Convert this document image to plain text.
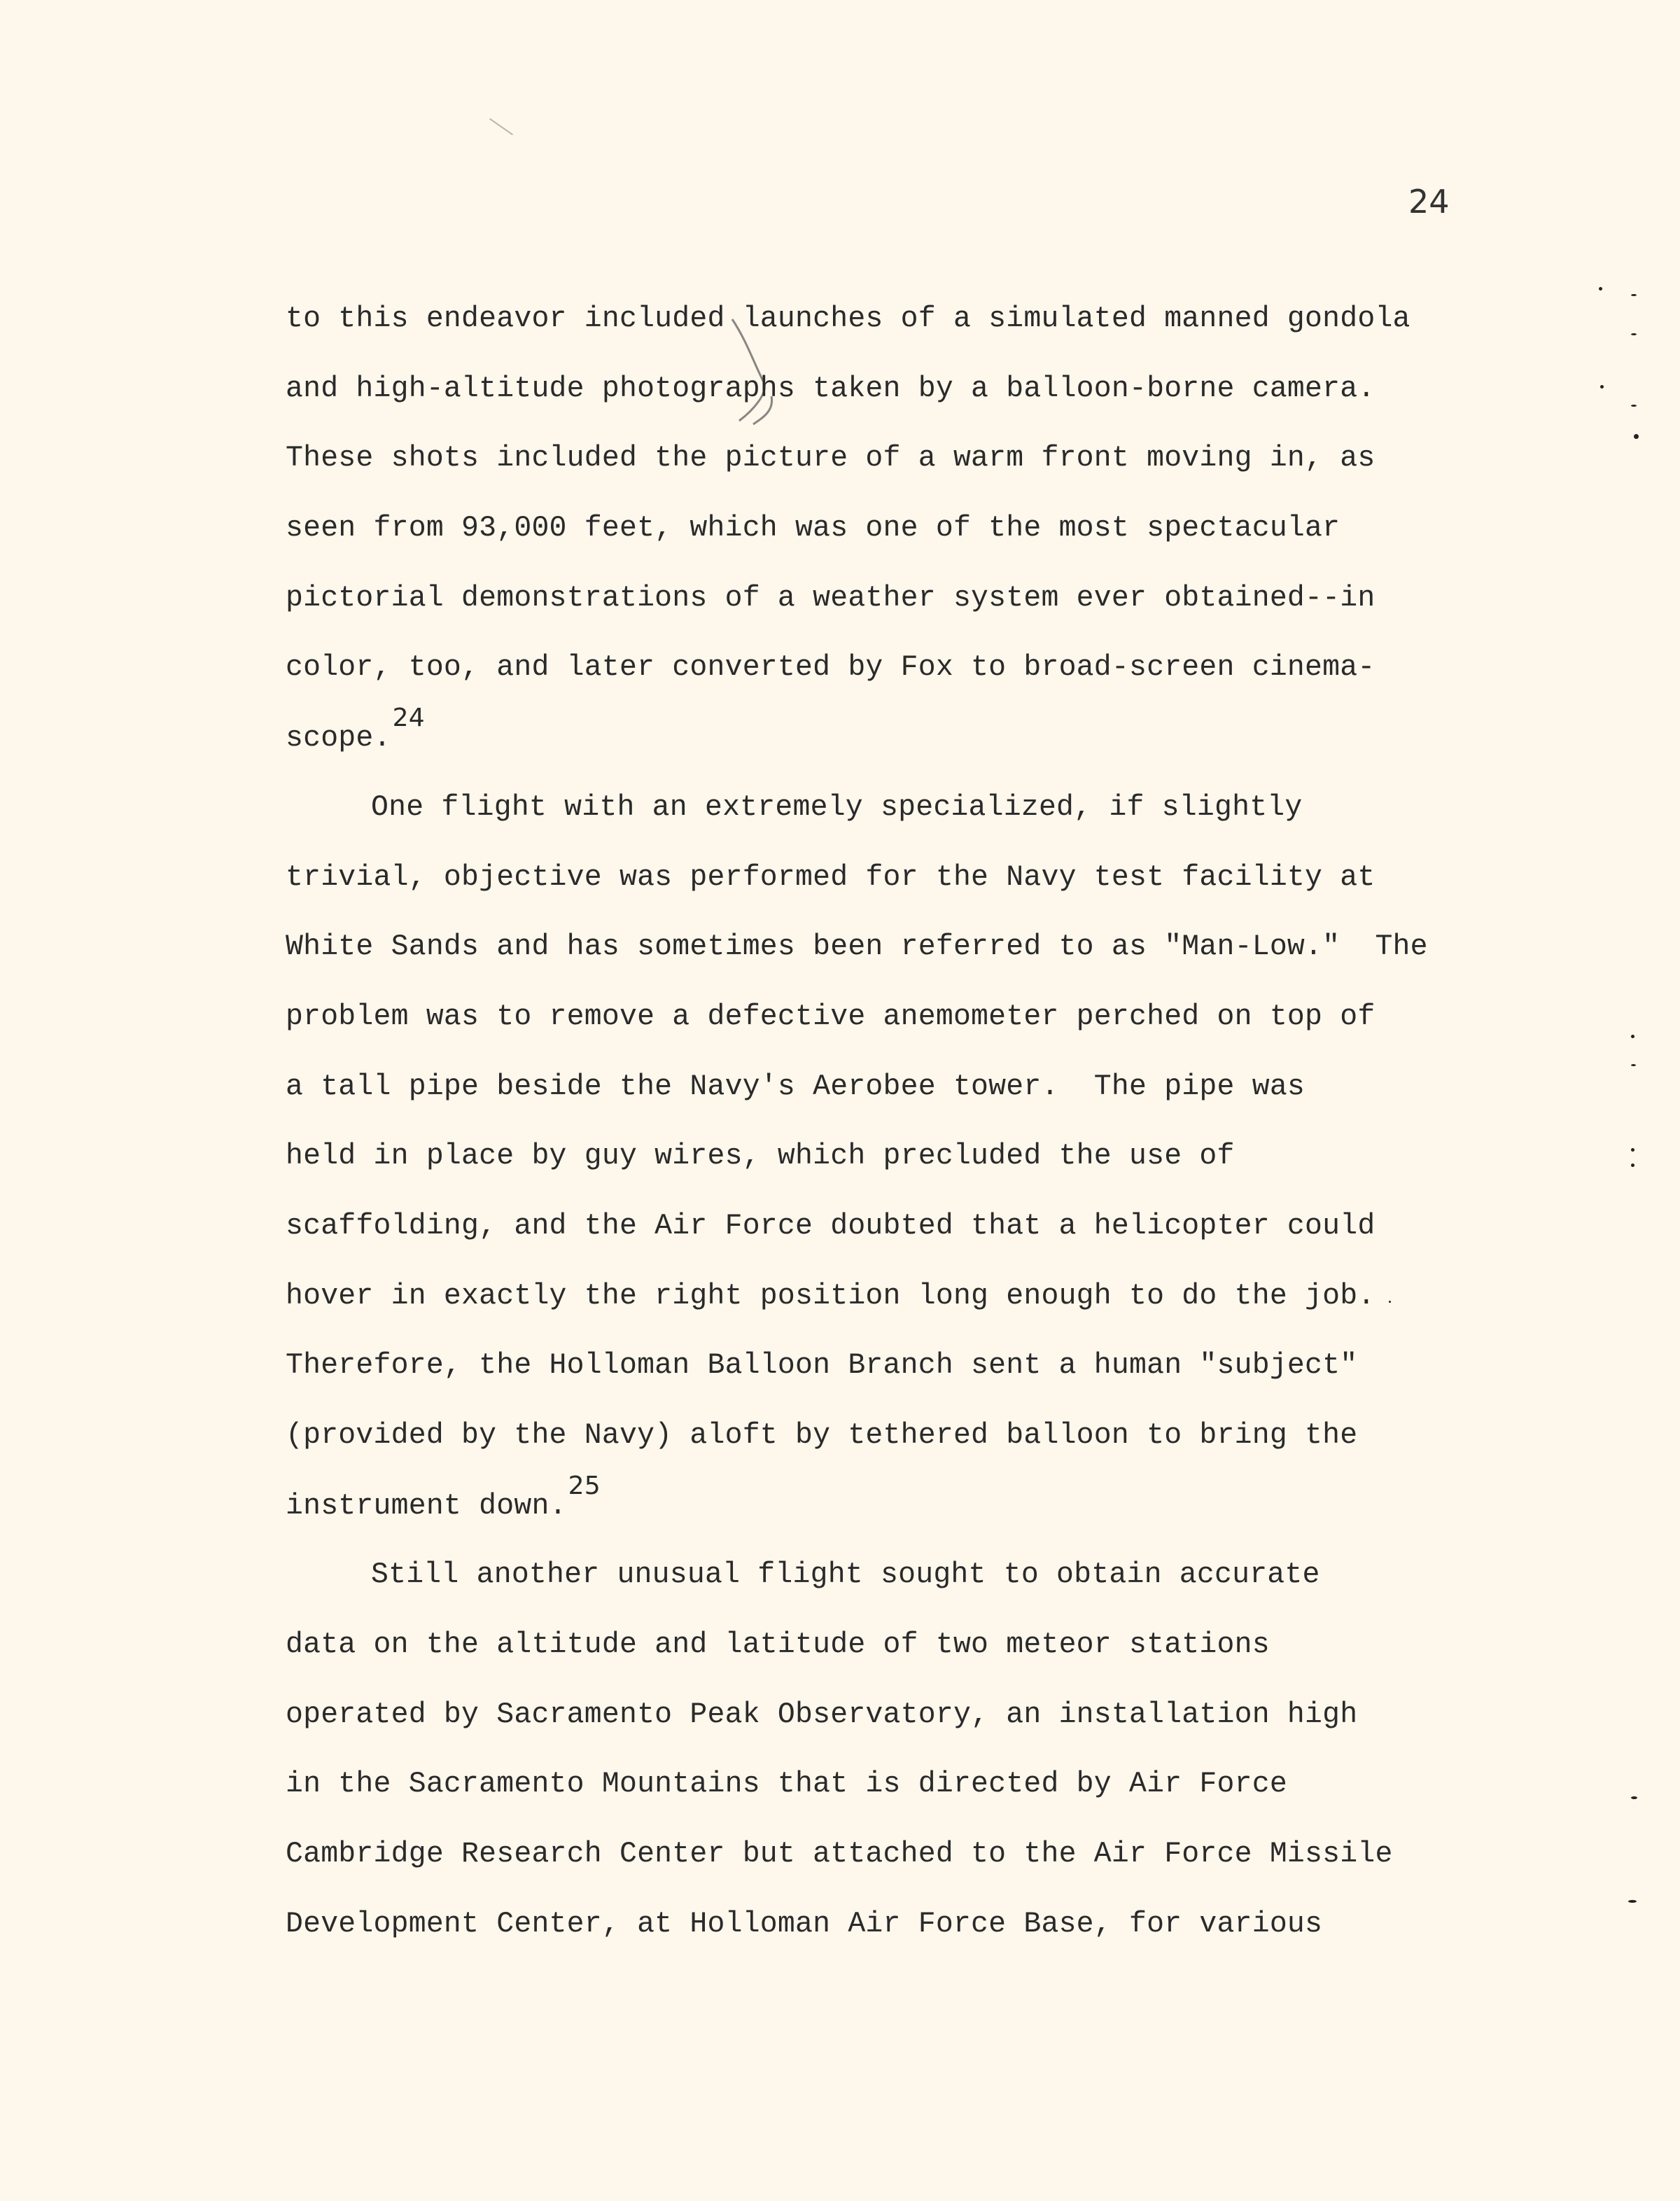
24
to this endeavor included launches of a simulated manned gondola
and high-altitude photographs taken by a balloon-borne camera.
These shots included the picture of a warm front moving in, as
seen from 93,000 feet, which was one of the most spectacular
pictorial demonstrations of a weather system ever obtained--in
color, too, and later converted by Fox to broad-screen cinema-
scope.24
One flight with an extremely specialized, if slightly
trivial, objective was performed for the Navy test facility at
White Sands and has sometimes been referred to as "Man-Low."  The
problem was to remove a defective anemometer perched on top of
a tall pipe beside the Navy's Aerobee tower.  The pipe was
held in place by guy wires, which precluded the use of
scaffolding, and the Air Force doubted that a helicopter could
hover in exactly the right position long enough to do the job.
Therefore, the Holloman Balloon Branch sent a human "subject"
(provided by the Navy) aloft by tethered balloon to bring the
instrument down.25
Still another unusual flight sought to obtain accurate
data on the altitude and latitude of two meteor stations
operated by Sacramento Peak Observatory, an installation high
in the Sacramento Mountains that is directed by Air Force
Cambridge Research Center but attached to the Air Force Missile
Development Center, at Holloman Air Force Base, for various
